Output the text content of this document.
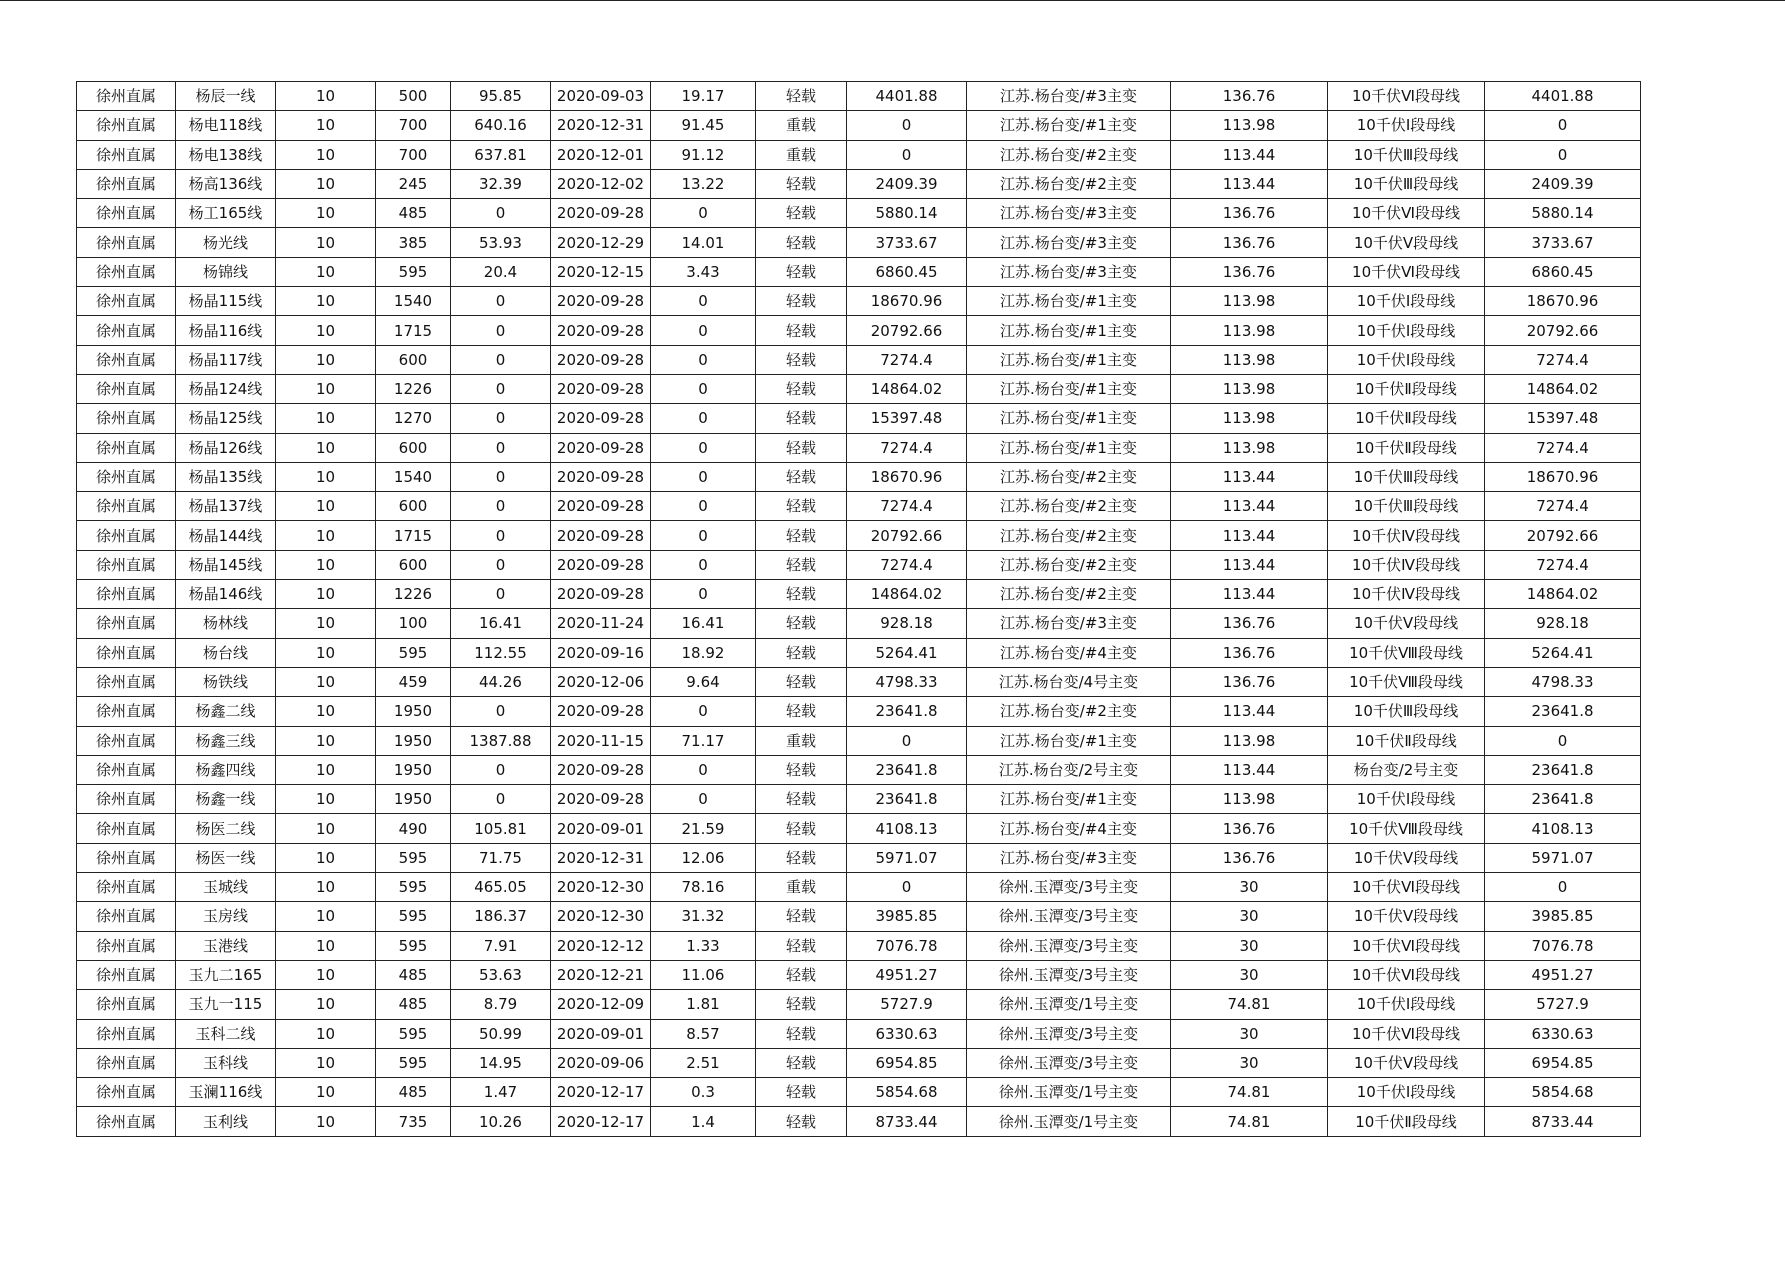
徐州直属	杨辰一线	10	500	95.85	2020-09-03	19.17	轻载	4401.88	江苏.杨台变/#3主变	136.76	10千伏Ⅵ段母线	4401.88
徐州直属	杨电118线	10	700	640.16	2020-12-31	91.45	重载	0	江苏.杨台变/#1主变	113.98	10千伏Ⅰ段母线	0
徐州直属	杨电138线	10	700	637.81	2020-12-01	91.12	重载	0	江苏.杨台变/#2主变	113.44	10千伏Ⅲ段母线	0
徐州直属	杨高136线	10	245	32.39	2020-12-02	13.22	轻载	2409.39	江苏.杨台变/#2主变	113.44	10千伏Ⅲ段母线	2409.39
徐州直属	杨工165线	10	485	0	2020-09-28	0	轻载	5880.14	江苏.杨台变/#3主变	136.76	10千伏Ⅵ段母线	5880.14
徐州直属	杨光线	10	385	53.93	2020-12-29	14.01	轻载	3733.67	江苏.杨台变/#3主变	136.76	10千伏Ⅴ段母线	3733.67
徐州直属	杨锦线	10	595	20.4	2020-12-15	3.43	轻载	6860.45	江苏.杨台变/#3主变	136.76	10千伏Ⅵ段母线	6860.45
徐州直属	杨晶115线	10	1540	0	2020-09-28	0	轻载	18670.96	江苏.杨台变/#1主变	113.98	10千伏Ⅰ段母线	18670.96
徐州直属	杨晶116线	10	1715	0	2020-09-28	0	轻载	20792.66	江苏.杨台变/#1主变	113.98	10千伏Ⅰ段母线	20792.66
徐州直属	杨晶117线	10	600	0	2020-09-28	0	轻载	7274.4	江苏.杨台变/#1主变	113.98	10千伏Ⅰ段母线	7274.4
徐州直属	杨晶124线	10	1226	0	2020-09-28	0	轻载	14864.02	江苏.杨台变/#1主变	113.98	10千伏Ⅱ段母线	14864.02
徐州直属	杨晶125线	10	1270	0	2020-09-28	0	轻载	15397.48	江苏.杨台变/#1主变	113.98	10千伏Ⅱ段母线	15397.48
徐州直属	杨晶126线	10	600	0	2020-09-28	0	轻载	7274.4	江苏.杨台变/#1主变	113.98	10千伏Ⅱ段母线	7274.4
徐州直属	杨晶135线	10	1540	0	2020-09-28	0	轻载	18670.96	江苏.杨台变/#2主变	113.44	10千伏Ⅲ段母线	18670.96
徐州直属	杨晶137线	10	600	0	2020-09-28	0	轻载	7274.4	江苏.杨台变/#2主变	113.44	10千伏Ⅲ段母线	7274.4
徐州直属	杨晶144线	10	1715	0	2020-09-28	0	轻载	20792.66	江苏.杨台变/#2主变	113.44	10千伏Ⅳ段母线	20792.66
徐州直属	杨晶145线	10	600	0	2020-09-28	0	轻载	7274.4	江苏.杨台变/#2主变	113.44	10千伏Ⅳ段母线	7274.4
徐州直属	杨晶146线	10	1226	0	2020-09-28	0	轻载	14864.02	江苏.杨台变/#2主变	113.44	10千伏Ⅳ段母线	14864.02
徐州直属	杨林线	10	100	16.41	2020-11-24	16.41	轻载	928.18	江苏.杨台变/#3主变	136.76	10千伏Ⅴ段母线	928.18
徐州直属	杨台线	10	595	112.55	2020-09-16	18.92	轻载	5264.41	江苏.杨台变/#4主变	136.76	10千伏Ⅷ段母线	5264.41
徐州直属	杨铁线	10	459	44.26	2020-12-06	9.64	轻载	4798.33	江苏.杨台变/4号主变	136.76	10千伏Ⅷ段母线	4798.33
徐州直属	杨鑫二线	10	1950	0	2020-09-28	0	轻载	23641.8	江苏.杨台变/#2主变	113.44	10千伏Ⅲ段母线	23641.8
徐州直属	杨鑫三线	10	1950	1387.88	2020-11-15	71.17	重载	0	江苏.杨台变/#1主变	113.98	10千伏Ⅱ段母线	0
徐州直属	杨鑫四线	10	1950	0	2020-09-28	0	轻载	23641.8	江苏.杨台变/2号主变	113.44	杨台变/2号主变	23641.8
徐州直属	杨鑫一线	10	1950	0	2020-09-28	0	轻载	23641.8	江苏.杨台变/#1主变	113.98	10千伏Ⅰ段母线	23641.8
徐州直属	杨医二线	10	490	105.81	2020-09-01	21.59	轻载	4108.13	江苏.杨台变/#4主变	136.76	10千伏Ⅷ段母线	4108.13
徐州直属	杨医一线	10	595	71.75	2020-12-31	12.06	轻载	5971.07	江苏.杨台变/#3主变	136.76	10千伏Ⅴ段母线	5971.07
徐州直属	玉城线	10	595	465.05	2020-12-30	78.16	重载	0	徐州.玉潭变/3号主变	30	10千伏Ⅵ段母线	0
徐州直属	玉房线	10	595	186.37	2020-12-30	31.32	轻载	3985.85	徐州.玉潭变/3号主变	30	10千伏Ⅴ段母线	3985.85
徐州直属	玉港线	10	595	7.91	2020-12-12	1.33	轻载	7076.78	徐州.玉潭变/3号主变	30	10千伏Ⅵ段母线	7076.78
徐州直属	玉九二165	10	485	53.63	2020-12-21	11.06	轻载	4951.27	徐州.玉潭变/3号主变	30	10千伏Ⅵ段母线	4951.27
徐州直属	玉九一115	10	485	8.79	2020-12-09	1.81	轻载	5727.9	徐州.玉潭变/1号主变	74.81	10千伏Ⅰ段母线	5727.9
徐州直属	玉科二线	10	595	50.99	2020-09-01	8.57	轻载	6330.63	徐州.玉潭变/3号主变	30	10千伏Ⅵ段母线	6330.63
徐州直属	玉科线	10	595	14.95	2020-09-06	2.51	轻载	6954.85	徐州.玉潭变/3号主变	30	10千伏Ⅴ段母线	6954.85
徐州直属	玉澜116线	10	485	1.47	2020-12-17	0.3	轻载	5854.68	徐州.玉潭变/1号主变	74.81	10千伏Ⅰ段母线	5854.68
徐州直属	玉利线	10	735	10.26	2020-12-17	1.4	轻载	8733.44	徐州.玉潭变/1号主变	74.81	10千伏Ⅱ段母线	8733.44
